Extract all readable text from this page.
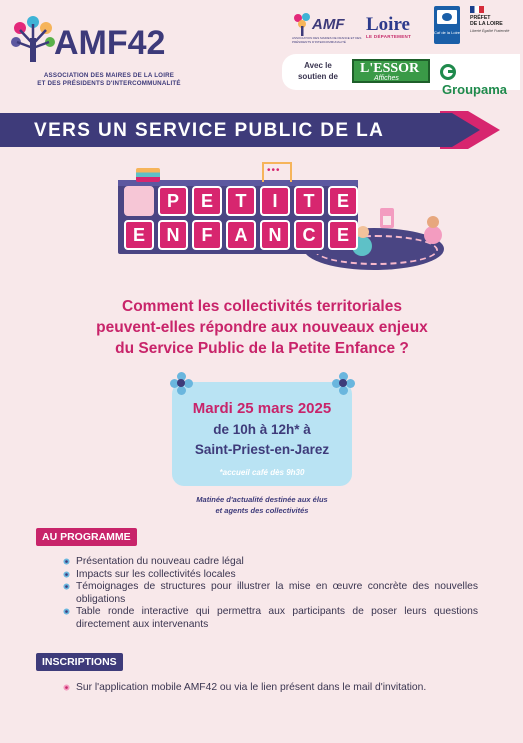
AMF42
ASSOCIATION DES MAIRES DE LA LOIRE
ET DES PRÉSIDENTS D'INTERCOMMUNALITÉ
AMF
ASSOCIATION DES MAIRES DE FRANCE ET DES PRÉSIDENTS D'INTERCOMMUNALITÉ
Loire
LE DÉPARTEMENT
Caf de la Loire
PRÉFET
DE LA LOIRE
Liberté Égalité Fraternité
Avec le soutien de
L'ESSOR
Affiches
Groupama
VERS UN SERVICE PUBLIC DE LA
•••
P	E	T	I	T	E
E	N	F	A	N	C	E
Comment les collectivités territoriales
peuvent-elles répondre aux nouveaux enjeux
du Service Public de la Petite Enfance ?
Mardi 25 mars 2025
de 10h à 12h* à
Saint-Priest-en-Jarez
*accueil café dès 9h30
Matinée d'actualité destinée aux élus
et agents des collectivités
AU PROGRAMME
Présentation du nouveau cadre légal
Impacts sur les collectivités locales
Témoignages de structures pour illustrer la mise en œuvre concrète des nouvelles obligations
Table ronde interactive qui permettra aux participants de poser leurs questions directement aux intervenants
INSCRIPTIONS
Sur l'application mobile AMF42 ou via le lien présent dans le mail d'invitation.
